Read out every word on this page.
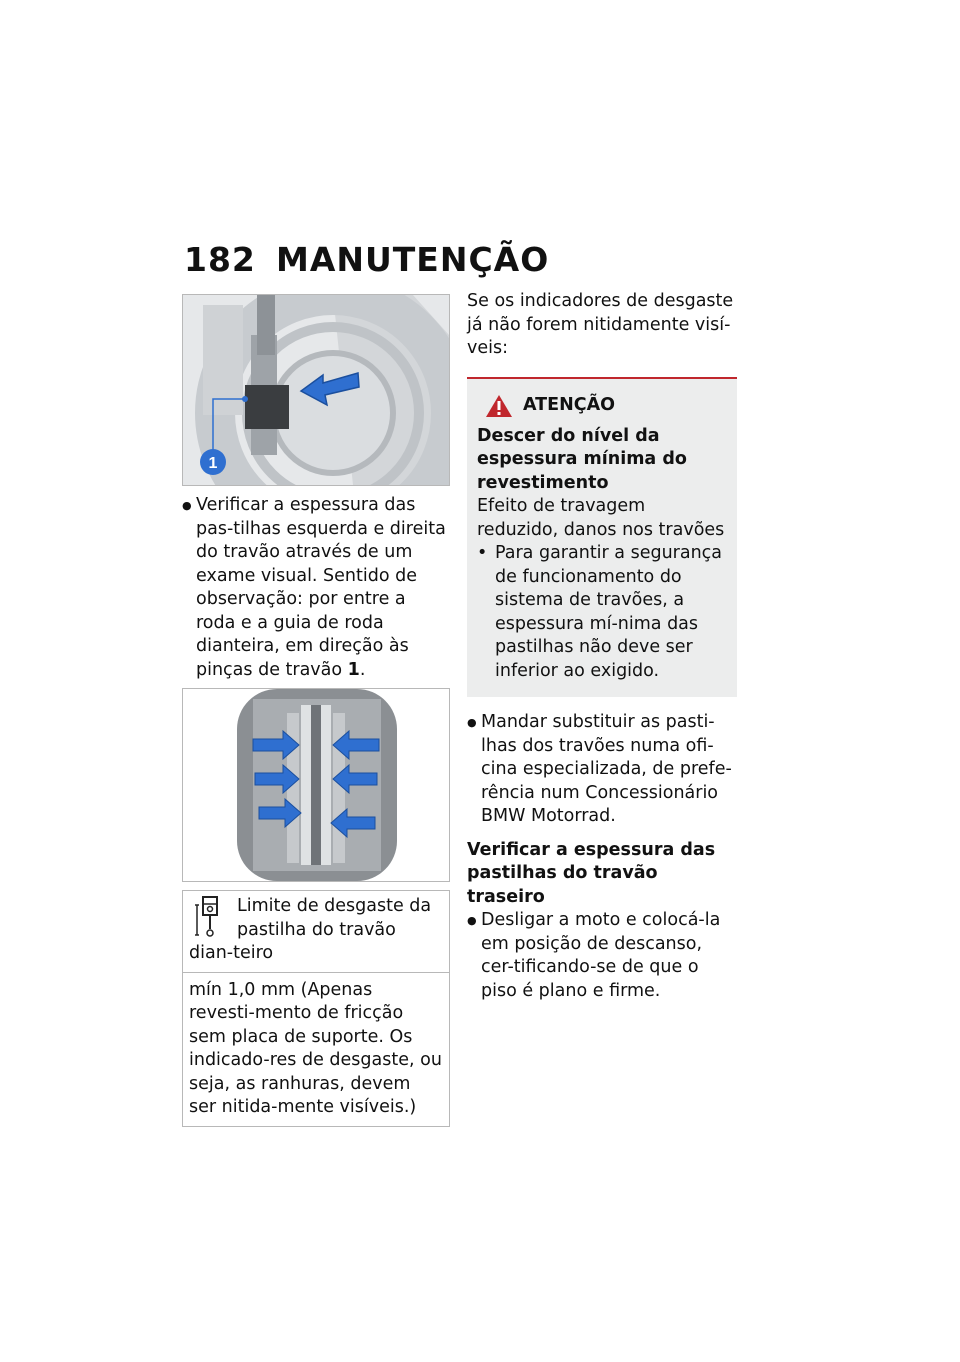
182 MANUTENÇÃO
1
● Verificar a espessura das pas-tilhas esquerda e direita do travão através de um exame visual. Sentido de observação: por entre a roda e a guia de roda dianteira, em direção às pinças de travão 1.
Limite de desgaste da pastilha do travão dian-teiro
mín 1,0 mm (Apenas revesti-mento de fricção sem placa de suporte. Os indicado-res de desgaste, ou seja, as ranhuras, devem ser nitida-mente visíveis.)
Se os indicadores de desgaste já não forem nitidamente visí-veis:
ATENÇÃO
Descer do nível da espessura mínima do revestimento
Efeito de travagem reduzido, danos nos travões
• Para garantir a segurança de funcionamento do sistema de travões, a espessura mí-nima das pastilhas não deve ser inferior ao exigido.
● Mandar substituir as pasti-lhas dos travões numa ofi-cina especializada, de prefe-rência num Concessionário BMW Motorrad.
Verificar a espessura das pastilhas do travão traseiro
● Desligar a moto e colocá-la em posição de descanso, cer-tificando-se de que o piso é plano e firme.
